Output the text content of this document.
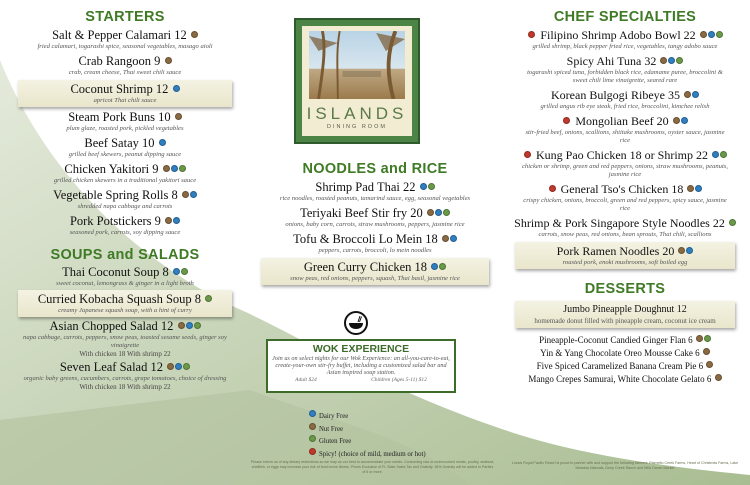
STARTERS
Salt & Pepper Calamari 12
fried calamari, togarashi spice, seasonal vegetables, masago aioli
Crab Rangoon 9
crab, cream cheese, Thai sweet chili sauce
Coconut Shrimp 12
apricot Thai chili sauce
Steam Pork Buns 10
plum glaze, roasted pork, pickled vegetables
Beef Satay 10
grilled beef skewers, peanut dipping sauce
Chicken Yakitori 9
grilled chicken skewers in a traditional yakitori sauce
Vegetable Spring Rolls 8
shredded napa cabbage and carrots
Pork Potstickers 9
seasoned pork, carrots, soy dipping sauce
SOUPS and SALADS
Thai Coconut Soup 8
sweet coconut, lemongrass & ginger in a light broth
Curried Kobacha Squash Soup 8
creamy Japanese squash soup, with a hint of curry
Asian Chopped Salad 12
napa cabbage, carrots, peppers, snow peas, toasted sesame seeds, ginger soy vinaigrette
With chicken 18 With shrimp 22
Seven Leaf Salad 12
organic baby greens, cucumbers, carrots, grape tomatoes, choice of dressing
With chicken 18 With shrimp 22
ISLANDS
DINING ROOM
NOODLES and RICE
Shrimp Pad Thai 22
rice noodles, roasted peanuts, tamarind sauce, egg, seasonal vegetables
Teriyaki Beef Stir fry 20
onions, baby corn, carrots, straw mushrooms, peppers, jasmine rice
Tofu & Broccoli Lo Mein 18
peppers, carrots, broccoli, lo mein noodles
Green Curry Chicken 18
snow peas, red onions, peppers, squash, Thai basil, jasmine rice
WOK EXPERIENCE
Join us on select nights for our Wok Experience: an all-you-care-to-eat, create-your-own stir-fry buffet, including a customized salad bar and Asian inspired soup station.
Adult $24	Children (Ages 5-11) $12
Dairy Free
Nut Free
Gluten Free
Spicy! (choice of mild, medium or hot)
Please inform us of any dietary restrictions so we may do our best to accommodate your needs. Consuming raw or undercooked meats, poultry, seafood, shellfish, or eggs may increase your risk of food borne illness. Prices Exclusive of FL State Sales Tax and Gratuity. 18% Gratuity will be added to Parties of 6 or more.
CHEF SPECIALTIES
Filipino Shrimp Adobo Bowl 22
grilled shrimp, black pepper fried rice, vegetables, tangy adobo sauce
Spicy Ahi Tuna 32
togarashi spiced tuna, forbidden black rice, edamame puree, broccolini & sweet chili lime vinaigrette, seared rare
Korean Bulgogi Ribeye 35
grilled angus rib eye steak, fried rice, broccolini, kimchee relish
Mongolian Beef 20
stir-fried beef, onions, scallions, shiitake mushrooms, oyster sauce, jasmine rice
Kung Pao Chicken 18 or Shrimp 22
chicken or shrimp, green and red peppers, onions, straw mushrooms, peanuts, jasmine rice
General Tso's Chicken 18
crispy chicken, onions, broccoli, green and red peppers, spicy sauce, jasmine rice
Shrimp & Pork Singapore Style Noodles 22
carrots, snow peas, red onions, bean sprouts, Thai chili, scallions
Pork Ramen Noodles 20
roasted pork, enoki mushrooms, soft boiled egg
DESSERTS
Jumbo Pineapple Doughnut 12
homemade donut filled with pineapple cream, coconut ice cream
Pineapple-Coconut Candied Ginger Flan 6
Yin & Yang Chocolate Oreo Mousse Cake 6
Five Spiced Caramelized Banana Cream Pie 6
Mango Crepes Samurai, White Chocolate Gelato 6
Loews Royal Pacific Resort is proud to partner with and support the following farmers: Palmetto Creek Farms, Heart of Christmas Farms, Lake Meadow Naturals, Deep Creek Ranch and Wild Ocean Market
